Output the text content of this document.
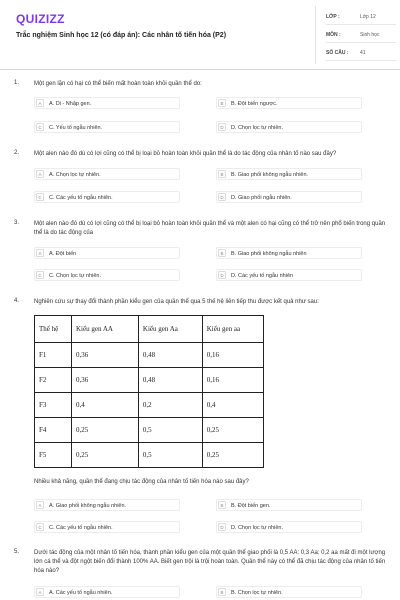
QUIZIZZ
Trắc nghiệm Sinh học 12 (có đáp án): Các nhân tố tiến hóa (P2)
LỚP :	Lớp 12
MÔN :	Sinh học
SỐ CÂU : 41
1. Một gen lặn có hại có thể biến mất hoàn toàn khỏi quần thể do:
A	A. Di - Nhập gen.	B	B. Đột biến ngược.
C	C. Yếu tố ngẫu nhiên.	D	D. Chọn lọc tự nhiên.
2. Một alen nào đó dù có lợi cũng có thể bị loại bỏ hoàn toàn khỏi quần thể là do tác động của nhân tố nào sau đây?
A	A. Chọn lọc tự nhiên.	B	B. Giao phối không ngẫu nhiên.
C	C. Các yếu tố ngẫu nhiên.	D	D. Giao phối ngẫu nhiên.
3. Một alen nào đó dù có lợi cũng có thể bị loại bỏ hoàn toàn khỏi quần thể và một alen có hại cũng có thể trở nên phổ biến trong quần thể là do tác động của
A	A. Đột biến	B	B. Giao phối không ngẫu nhiên
C	C. Chọn lọc tự nhiên.	D	D. Các yếu tố ngẫu nhiên
4. Nghiên cứu sự thay đổi thành phần kiểu gen của quần thể qua 5 thế hệ liên tiếp thu được kết quả như sau:
Thế hệ	Kiểu gen AA	Kiểu gen Aa	Kiểu gen aa
F1	0,36	0,48	0,16
F2	0,36	0,48	0,16
F3	0,4	0,2	0,4
F4	0,25	0,5	0,25
F5	0,25	0,5	0,25
Nhiều khả năng, quần thể đang chịu tác động của nhân tố tiến hóa nào sau đây?
A	A. Giao phối không ngẫu nhiên.	B	B. Đột biến gen.
C	C. Các yếu tố ngẫu nhiên.	D	D. Chọn lọc tự nhiên.
5. Dưới tác động của một nhân tố tiến hóa, thành phần kiểu gen của một quần thể giao phối là 0,5 AA: 0,3 Aa: 0,2 aa mất đi một lượng lớn cá thể và đột ngột biến đổi thành 100% AA. Biết gen trội là trội hoàn toàn. Quần thể này có thể đã chịu tác động của nhân tố tiến hóa nào?
A	A. Các yếu tố ngẫu nhiên.	B	B. Chọn lọc tự nhiên.
